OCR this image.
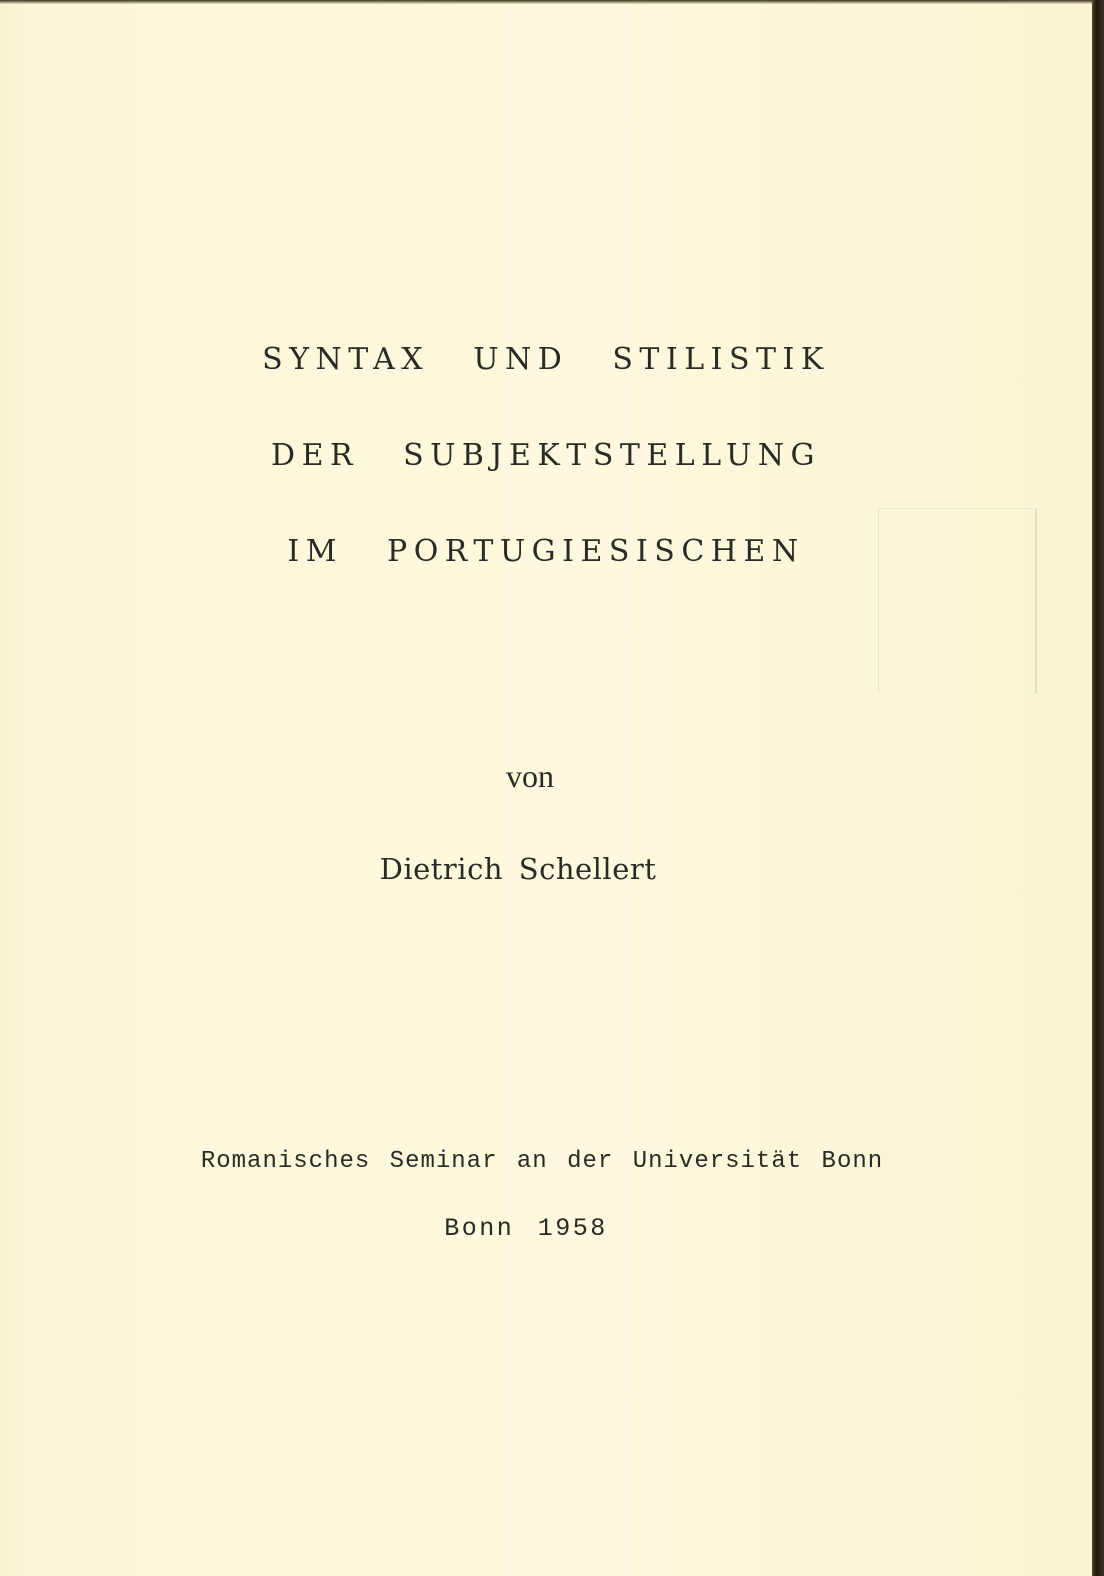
SYNTAX UND STILISTIK
DER SUBJEKTSTELLUNG
IM PORTUGIESISCHEN

von

Dietrich Schellert

Romanisches Seminar an der Universität Bonn

Bonn 1958
